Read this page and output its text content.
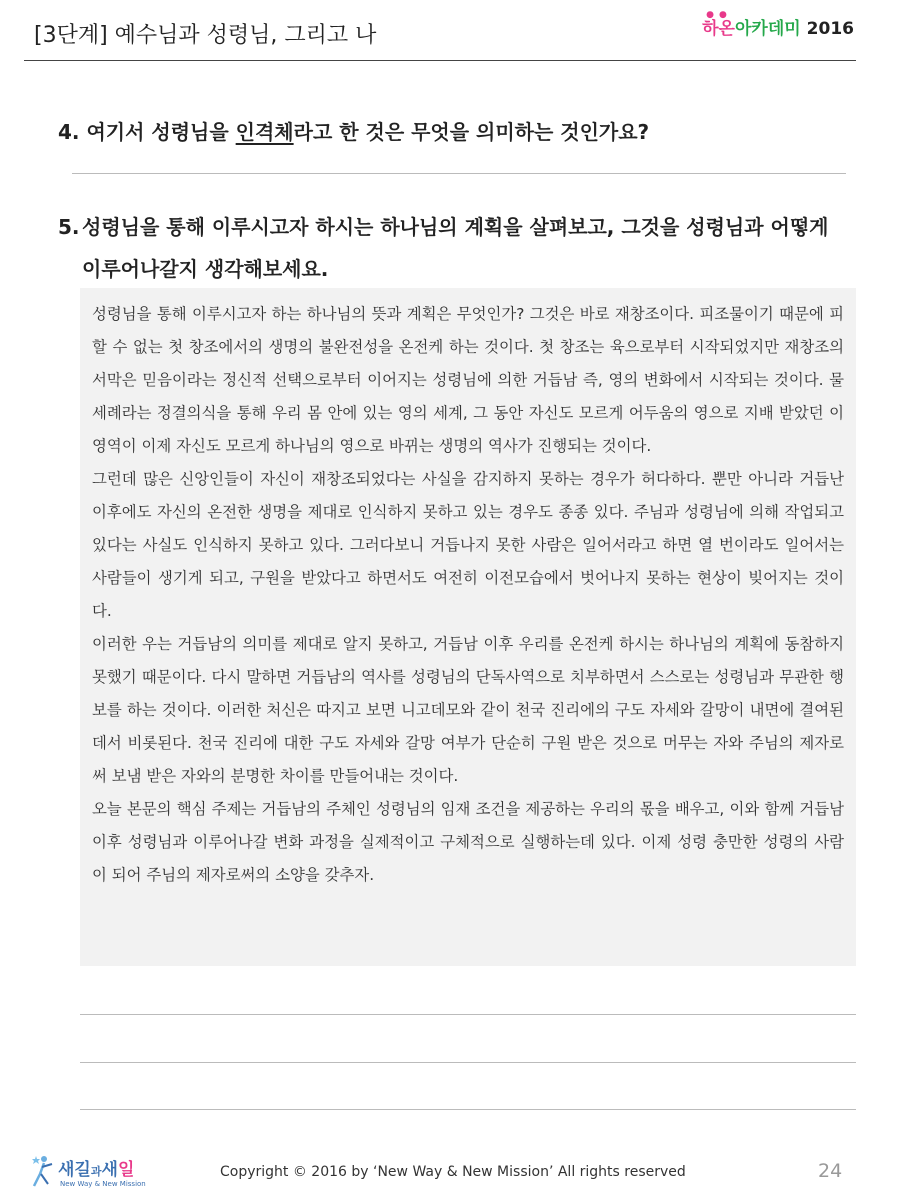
[3단계] 예수님과 성령님, 그리고 나
●●
하온아카데미 2016
4. 여기서 성령님을 인격체라고 한 것은 무엇을 의미하는 것인가요?
5. 성령님을 통해 이루시고자 하시는 하나님의 계획을 살펴보고, 그것을 성령님과 어떻게 이루어나갈지 생각해보세요.

성령님을 통해 이루시고자 하는 하나님의 뜻과 계획은 무엇인가? 그것은 바로 재창조이다. 피조물이기 때문에 피할 수 없는 첫 창조에서의 생명의 불완전성을 온전케 하는 것이다. 첫 창조는 육으로부터 시작되었지만 재창조의 서막은 믿음이라는 정신적 선택으로부터 이어지는 성령님에 의한 거듭남 즉, 영의 변화에서 시작되는 것이다. 물세례라는 정결의식을 통해 우리 몸 안에 있는 영의 세계, 그 동안 자신도 모르게 어두움의 영으로 지배 받았던 이 영역이 이제 자신도 모르게 하나님의 영으로 바뀌는 생명의 역사가 진행되는 것이다.

그런데 많은 신앙인들이 자신이 재창조되었다는 사실을 감지하지 못하는 경우가 허다하다. 뿐만 아니라 거듭난 이후에도 자신의 온전한 생명을 제대로 인식하지 못하고 있는 경우도 종종 있다. 주님과 성령님에 의해 작업되고 있다는 사실도 인식하지 못하고 있다. 그러다보니 거듭나지 못한 사람은 일어서라고 하면 열 번이라도 일어서는 사람들이 생기게 되고, 구원을 받았다고 하면서도 여전히 이전모습에서 벗어나지 못하는 현상이 빚어지는 것이다.

이러한 우는 거듭남의 의미를 제대로 알지 못하고, 거듭남 이후 우리를 온전케 하시는 하나님의 계획에 동참하지 못했기 때문이다. 다시 말하면 거듭남의 역사를 성령님의 단독사역으로 치부하면서 스스로는 성령님과 무관한 행보를 하는 것이다. 이러한 처신은 따지고 보면 니고데모와 같이 천국 진리에의 구도 자세와 갈망이 내면에 결여된 데서 비롯된다. 천국 진리에 대한 구도 자세와 갈망 여부가 단순히 구원 받은 것으로 머무는 자와 주님의 제자로써 보냄 받은 자와의 분명한 차이를 만들어내는 것이다.

오늘 본문의 핵심 주제는 거듭남의 주체인 성령님의 임재 조건을 제공하는 우리의 몫을 배우고, 이와 함께 거듭남 이후 성령님과 이루어나갈 변화 과정을 실제적이고 구체적으로 실행하는데 있다. 이제 성령 충만한 성령의 사람이 되어 주님의 제자로써의 소양을 갖추자.

새길과새일
New Way & New Mission
Copyright © 2016 by ‘New Way & New Mission’ All rights reserved	24
